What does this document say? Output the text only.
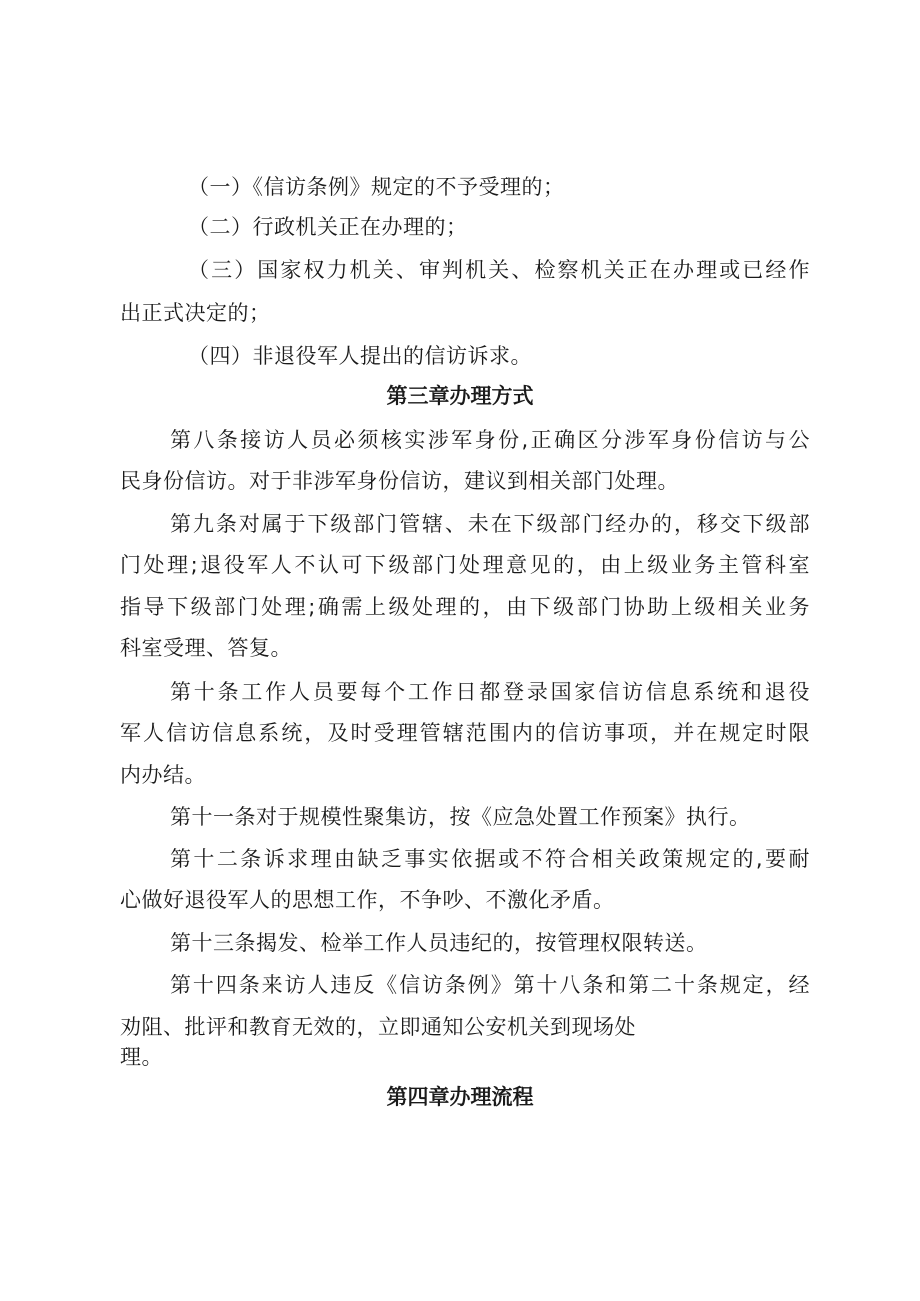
（一）《信访条例》规定的不予受理的；
（二）行政机关正在办理的；
（三）国家权力机关、审判机关、检察机关正在办理或已经作
出正式决定的；
（四）非退役军人提出的信访诉求。
第三章办理方式
第八条接访人员必须核实涉军身份,正确区分涉军身份信访与公
民身份信访。对于非涉军身份信访，建议到相关部门处理。
第九条对属于下级部门管辖、未在下级部门经办的，移交下级部
门处理;退役军人不认可下级部门处理意见的，由上级业务主管科室
指导下级部门处理;确需上级处理的，由下级部门协助上级相关业务
科室受理、答复。
第十条工作人员要每个工作日都登录国家信访信息系统和退役
军人信访信息系统，及时受理管辖范围内的信访事项，并在规定时限
内办结。
第十一条对于规模性聚集访，按《应急处置工作预案》执行。
第十二条诉求理由缺乏事实依据或不符合相关政策规定的,要耐
心做好退役军人的思想工作，不争吵、不激化矛盾。
第十三条揭发、检举工作人员违纪的，按管理权限转送。
第十四条来访人违反《信访条例》第十八条和第二十条规定，经
劝阻、批评和教育无效的，立即通知公安机关到现场处
理。
第四章办理流程
